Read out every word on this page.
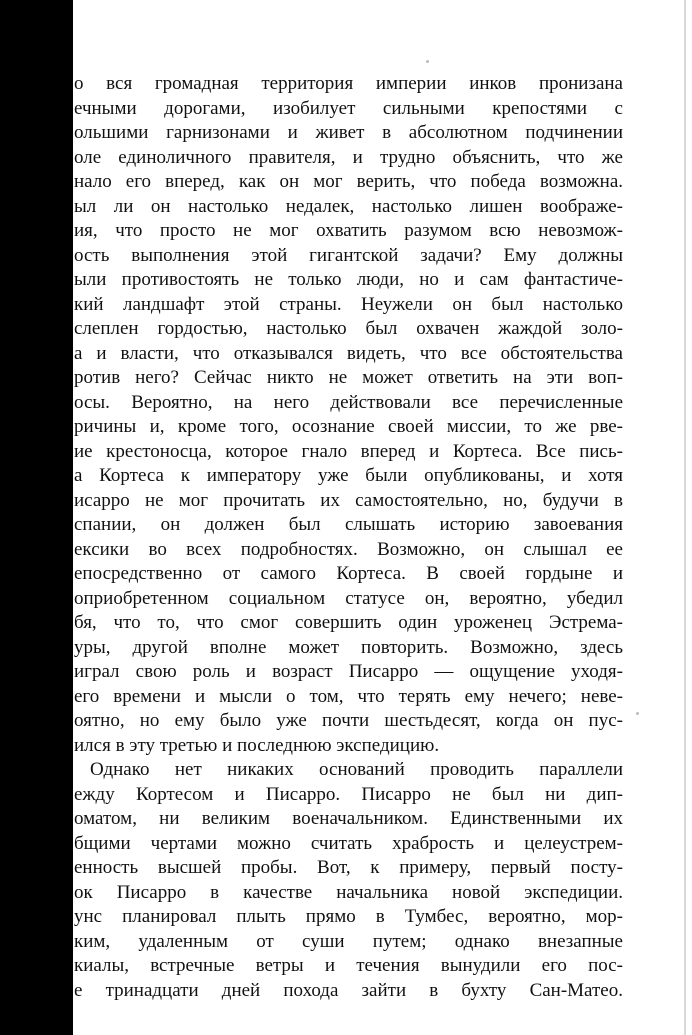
о вся громадная территория империи инков пронизана
ечными дорогами, изобилует сильными крепостями с
ольшими гарнизонами и живет в абсолютном подчинении
оле единоличного правителя, и трудно объяснить, что же
нало его вперед, как он мог верить, что победа возможна.
ыл ли он настолько недалек, настолько лишен воображе-
ия, что просто не мог охватить разумом всю невозмож-
ость выполнения этой гигантской задачи? Ему должны
ыли противостоять не только люди, но и сам фантастиче-
кий ландшафт этой страны. Неужели он был настолько
слеплен гордостью, настолько был охвачен жаждой золо-
а и власти, что отказывался видеть, что все обстоятельства
ротив него? Сейчас никто не может ответить на эти воп-
осы. Вероятно, на него действовали все перечисленные
ричины и, кроме того, осознание своей миссии, то же рве-
ие крестоносца, которое гнало вперед и Кортеса. Все пись-
а Кортеса к императору уже были опубликованы, и хотя
исарро не мог прочитать их самостоятельно, но, будучи в
спании, он должен был слышать историю завоевания
ексики во всех подробностях. Возможно, он слышал ее
епосредственно от самого Кортеса. В своей гордыне и
оприобретенном социальном статусе он, вероятно, убедил
бя, что то, что смог совершить один уроженец Эстрема-
уры, другой вполне может повторить. Возможно, здесь
играл свою роль и возраст Писарро — ощущение уходя-
его времени и мысли о том, что терять ему нечего; неве-
оятно, но ему было уже почти шестьдесят, когда он пус-
ился в эту третью и последнюю экспедицию.
Однако нет никаких оснований проводить параллели
ежду Кортесом и Писарро. Писарро не был ни дип-
оматом, ни великим военачальником. Единственными их
бщими чертами можно считать храбрость и целеустрем-
енность высшей пробы. Вот, к примеру, первый посту-
ок Писарро в качестве начальника новой экспедиции.
унс планировал плыть прямо в Тумбес, вероятно, мор-
ким, удаленным от суши путем; однако внезапные
киалы, встречные ветры и течения вынудили его пос-
е тринадцати дней похода зайти в бухту Сан-Матео.
